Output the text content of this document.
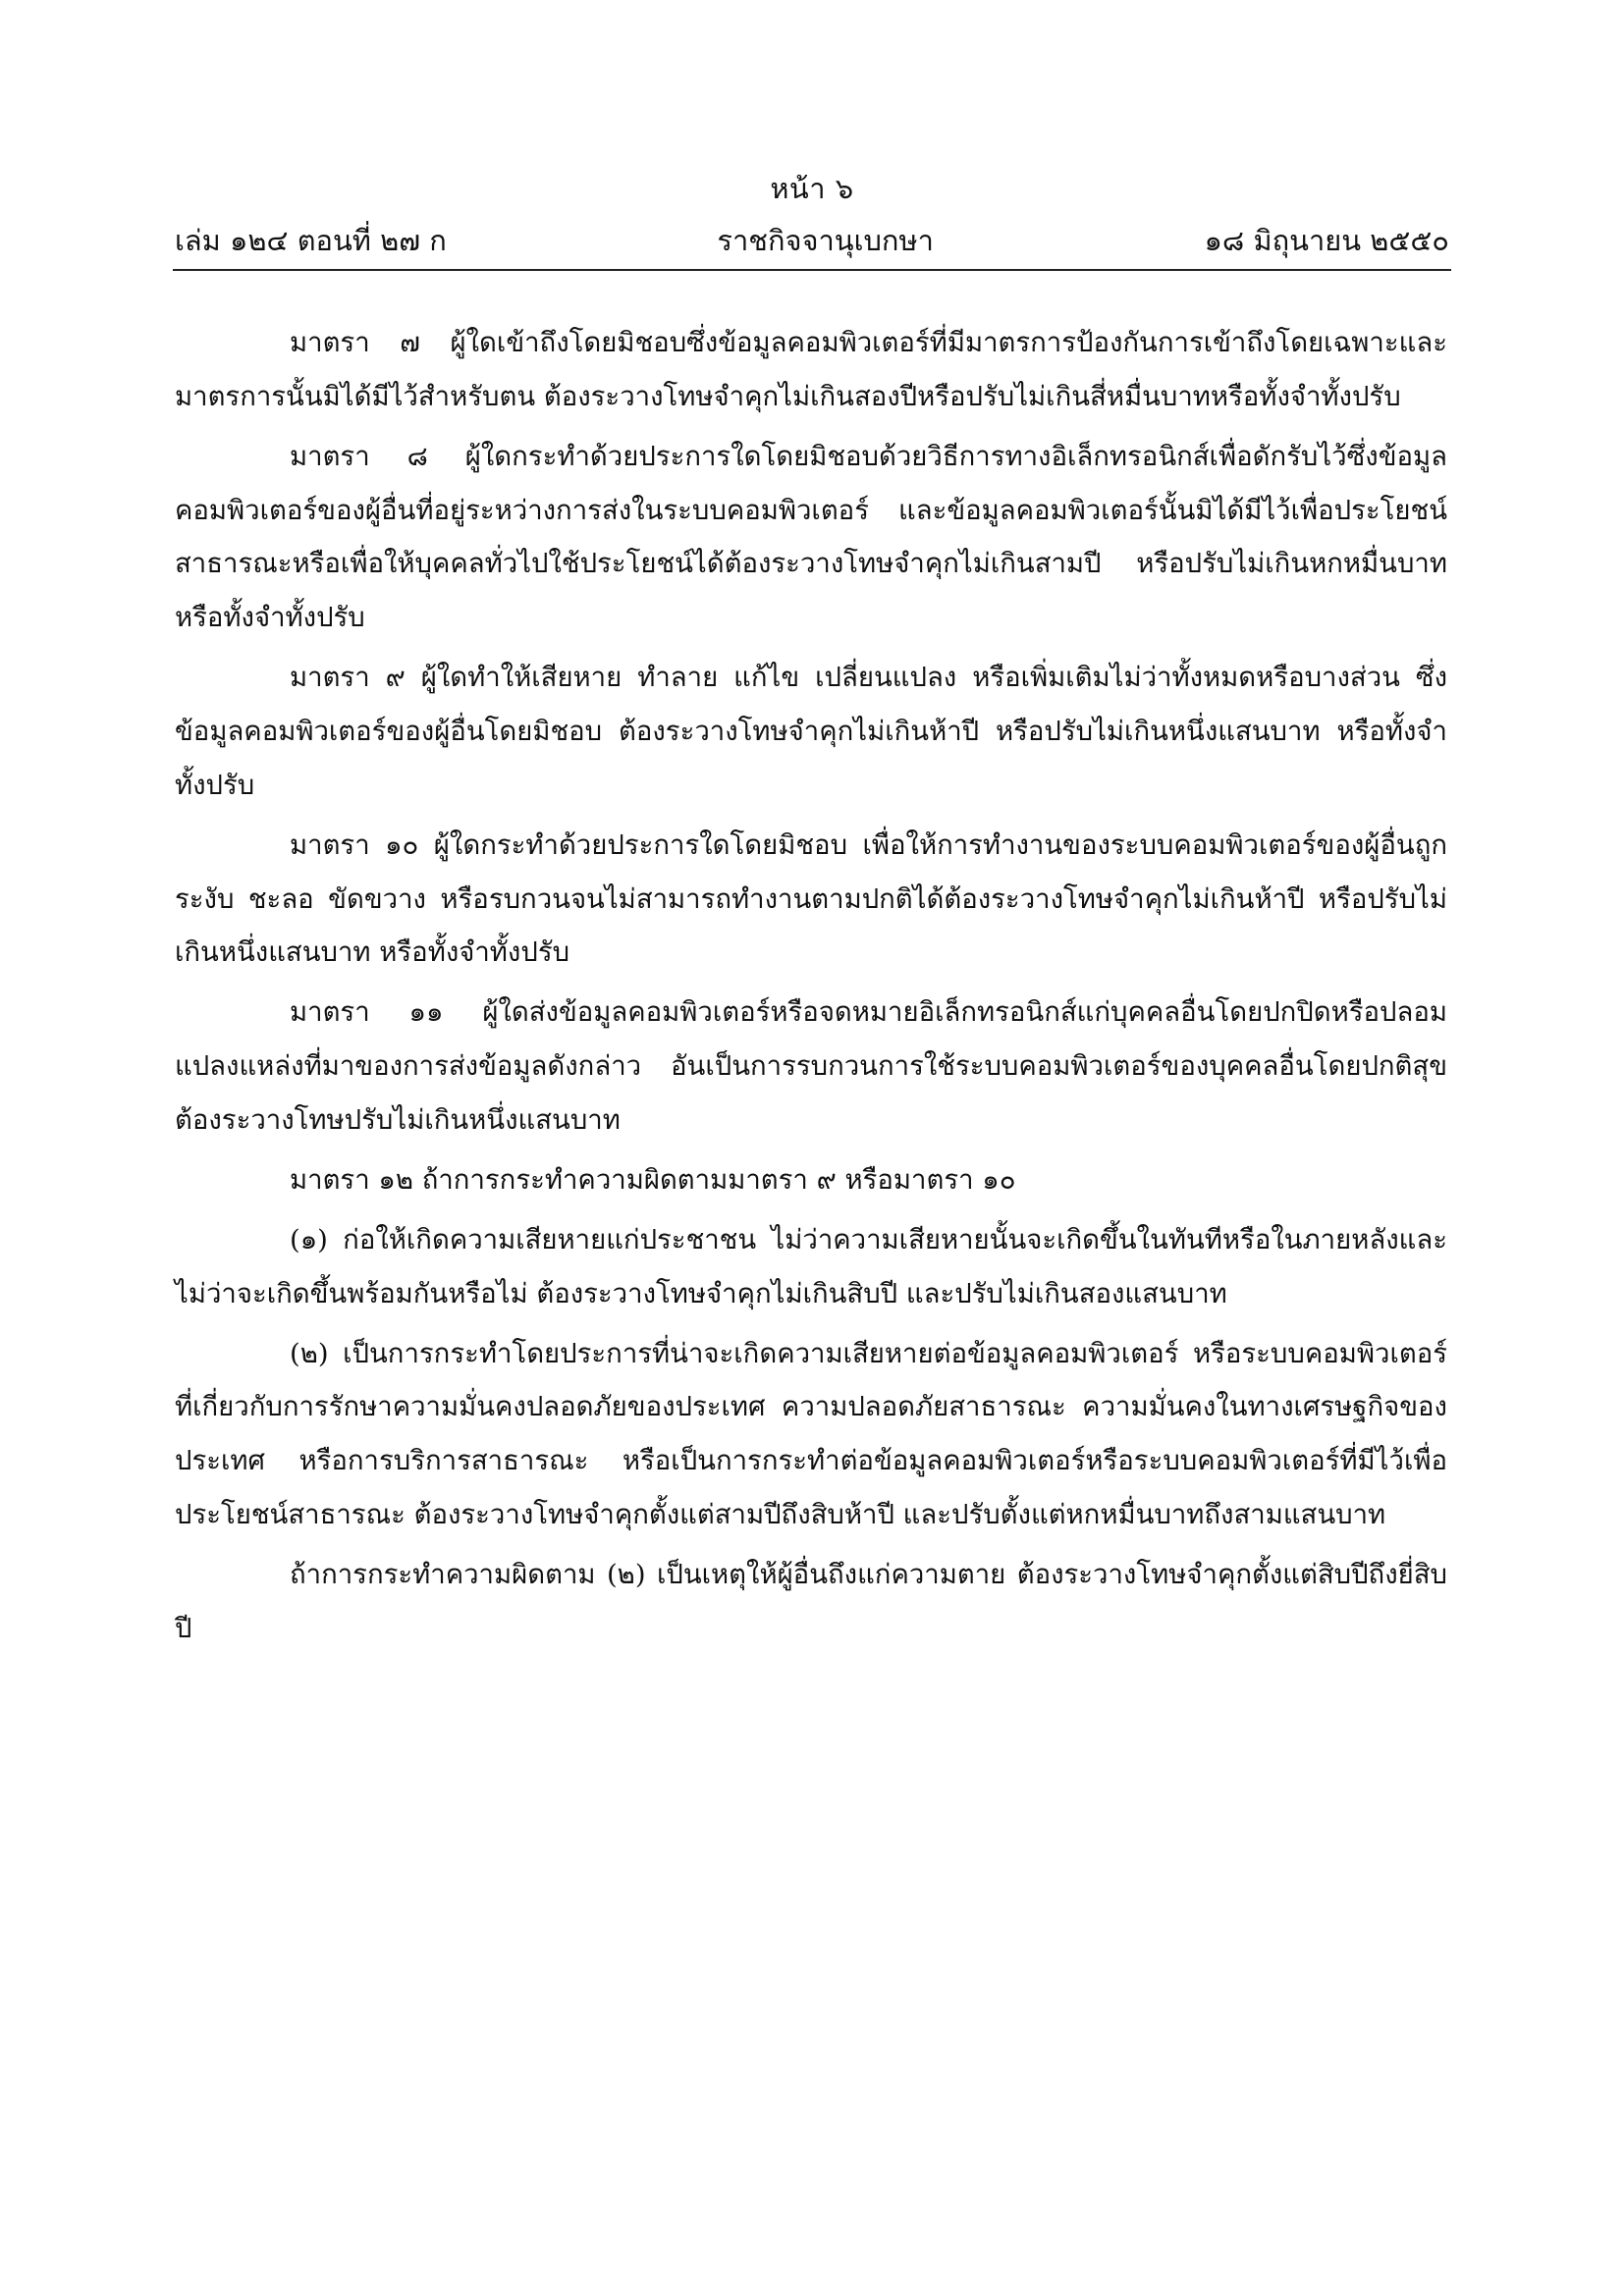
หน้า ๖
เล่ม ๑๒๔ ตอนที่ ๒๗ ก	ราชกิจจานุเบกษา	๑๘ มิถุนายน ๒๕๕๐

มาตรา ๗ ผู้ใดเข้าถึงโดยมิชอบซึ่งข้อมูลคอมพิวเตอร์ที่มีมาตรการป้องกันการเข้าถึงโดยเฉพาะและมาตรการนั้นมิได้มีไว้สำหรับตน ต้องระวางโทษจำคุกไม่เกินสองปีหรือปรับไม่เกินสี่หมื่นบาทหรือทั้งจำทั้งปรับ

มาตรา ๘ ผู้ใดกระทำด้วยประการใดโดยมิชอบด้วยวิธีการทางอิเล็กทรอนิกส์เพื่อดักรับไว้ซึ่งข้อมูลคอมพิวเตอร์ของผู้อื่นที่อยู่ระหว่างการส่งในระบบคอมพิวเตอร์ และข้อมูลคอมพิวเตอร์นั้นมิได้มีไว้เพื่อประโยชน์สาธารณะหรือเพื่อให้บุคคลทั่วไปใช้ประโยชน์ได้ต้องระวางโทษจำคุกไม่เกินสามปี หรือปรับไม่เกินหกหมื่นบาท หรือทั้งจำทั้งปรับ

มาตรา ๙ ผู้ใดทำให้เสียหาย ทำลาย แก้ไข เปลี่ยนแปลง หรือเพิ่มเติมไม่ว่าทั้งหมดหรือบางส่วน ซึ่งข้อมูลคอมพิวเตอร์ของผู้อื่นโดยมิชอบ ต้องระวางโทษจำคุกไม่เกินห้าปี หรือปรับไม่เกินหนึ่งแสนบาท หรือทั้งจำทั้งปรับ

มาตรา ๑๐ ผู้ใดกระทำด้วยประการใดโดยมิชอบ เพื่อให้การทำงานของระบบคอมพิวเตอร์ของผู้อื่นถูกระงับ ชะลอ ขัดขวาง หรือรบกวนจนไม่สามารถทำงานตามปกติได้ต้องระวางโทษจำคุกไม่เกินห้าปี หรือปรับไม่เกินหนึ่งแสนบาท หรือทั้งจำทั้งปรับ

มาตรา ๑๑ ผู้ใดส่งข้อมูลคอมพิวเตอร์หรือจดหมายอิเล็กทรอนิกส์แก่บุคคลอื่นโดยปกปิดหรือปลอมแปลงแหล่งที่มาของการส่งข้อมูลดังกล่าว อันเป็นการรบกวนการใช้ระบบคอมพิวเตอร์ของบุคคลอื่นโดยปกติสุข ต้องระวางโทษปรับไม่เกินหนึ่งแสนบาท

มาตรา ๑๒ ถ้าการกระทำความผิดตามมาตรา ๙ หรือมาตรา ๑๐

(๑) ก่อให้เกิดความเสียหายแก่ประชาชน ไม่ว่าความเสียหายนั้นจะเกิดขึ้นในทันทีหรือในภายหลังและไม่ว่าจะเกิดขึ้นพร้อมกันหรือไม่ ต้องระวางโทษจำคุกไม่เกินสิบปี และปรับไม่เกินสองแสนบาท

(๒) เป็นการกระทำโดยประการที่น่าจะเกิดความเสียหายต่อข้อมูลคอมพิวเตอร์ หรือระบบคอมพิวเตอร์ที่เกี่ยวกับการรักษาความมั่นคงปลอดภัยของประเทศ ความปลอดภัยสาธารณะ ความมั่นคงในทางเศรษฐกิจของประเทศ หรือการบริการสาธารณะ หรือเป็นการกระทำต่อข้อมูลคอมพิวเตอร์หรือระบบคอมพิวเตอร์ที่มีไว้เพื่อประโยชน์สาธารณะ ต้องระวางโทษจำคุกตั้งแต่สามปีถึงสิบห้าปี และปรับตั้งแต่หกหมื่นบาทถึงสามแสนบาท

ถ้าการกระทำความผิดตาม (๒) เป็นเหตุให้ผู้อื่นถึงแก่ความตาย ต้องระวางโทษจำคุกตั้งแต่สิบปีถึงยี่สิบปี
